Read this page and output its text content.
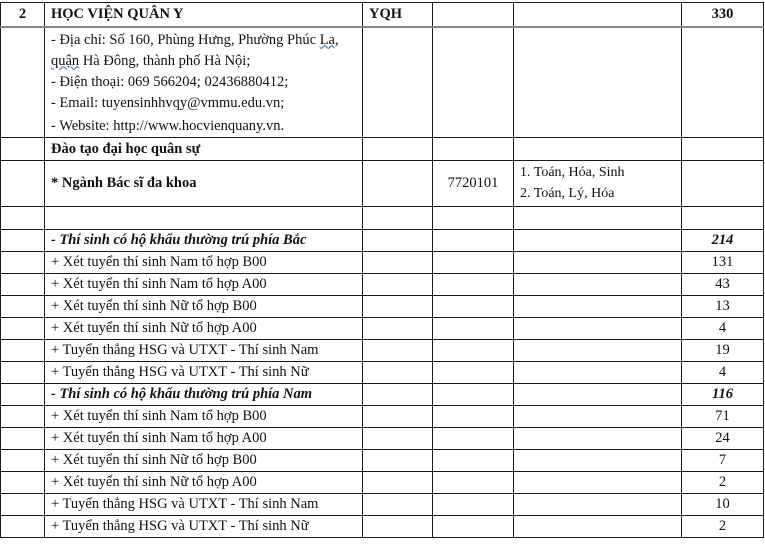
2	HỌC VIỆN QUÂN Y	YQH			330

	- Địa chỉ: Số 160, Phùng Hưng, Phường Phúc La,
quận Hà Đông, thành phố Hà Nội;
- Điện thoại: 069 566204; 02436880412;
- Email: tuyensinhhvqy@vmmu.edu.vn;
- Website: http://www.hocvienquany.vn.				

	Đào tạo đại học quân sự				
	* Ngành Bác sĩ đa khoa		7720101	1. Toán, Hóa, Sinh
2. Toán, Lý, Hóa	

	- Thí sinh có hộ khẩu thường trú phía Bắc				214
	+ Xét tuyển thí sinh Nam tổ hợp B00				131
	+ Xét tuyển thí sinh Nam tổ hợp A00				43
	+ Xét tuyển thí sinh Nữ tổ hợp B00				13
	+ Xét tuyển thí sinh Nữ tổ hợp A00				4
	+ Tuyển thẳng HSG và UTXT - Thí sinh Nam				19
	+ Tuyển thẳng HSG và UTXT - Thí sinh Nữ				4
	- Thí sinh có hộ khẩu thường trú phía Nam				116
	+ Xét tuyển thí sinh Nam tổ hợp B00				71
	+ Xét tuyển thí sinh Nam tổ hợp A00				24
	+ Xét tuyển thí sinh Nữ tổ hợp B00				7
	+ Xét tuyển thí sinh Nữ tổ hợp A00				2
	+ Tuyển thẳng HSG và UTXT - Thí sinh Nam				10
	+ Tuyển thẳng HSG và UTXT - Thí sinh Nữ				2
